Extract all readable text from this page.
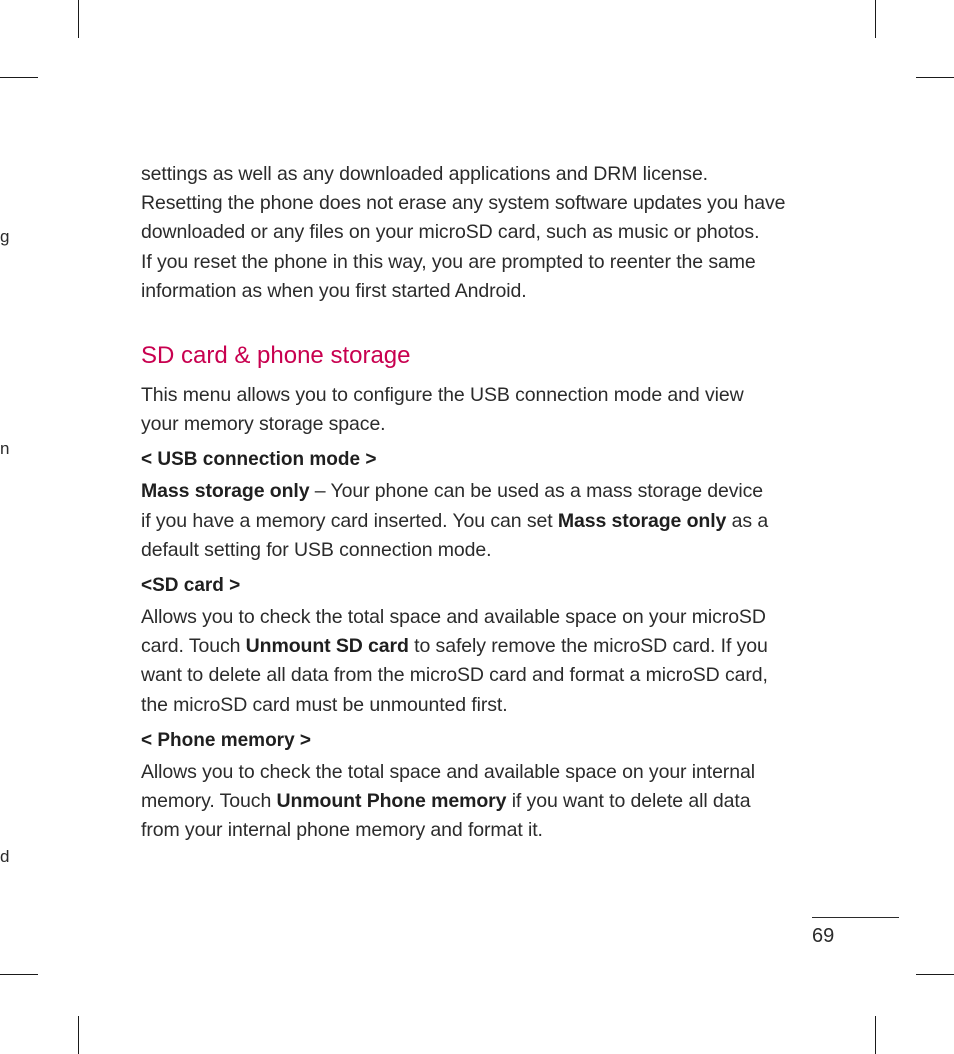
g
n
d

settings as well as any downloaded applications and DRM license.
Resetting the phone does not erase any system software updates you have
downloaded or any files on your microSD card, such as music or photos.
If you reset the phone in this way, you are prompted to reenter the same
information as when you first started Android.

SD card & phone storage

This menu allows you to configure the USB connection mode and view
your memory storage space.

< USB connection mode >

Mass storage only – Your phone can be used as a mass storage device
if you have a memory card inserted. You can set Mass storage only as a
default setting for USB connection mode.

<SD card >

Allows you to check the total space and available space on your microSD
card. Touch Unmount SD card to safely remove the microSD card. If you
want to delete all data from the microSD card and format a microSD card,
the microSD card must be unmounted first.

< Phone memory >

Allows you to check the total space and available space on your internal
memory. Touch Unmount Phone memory if you want to delete all data
from your internal phone memory and format it.

69
